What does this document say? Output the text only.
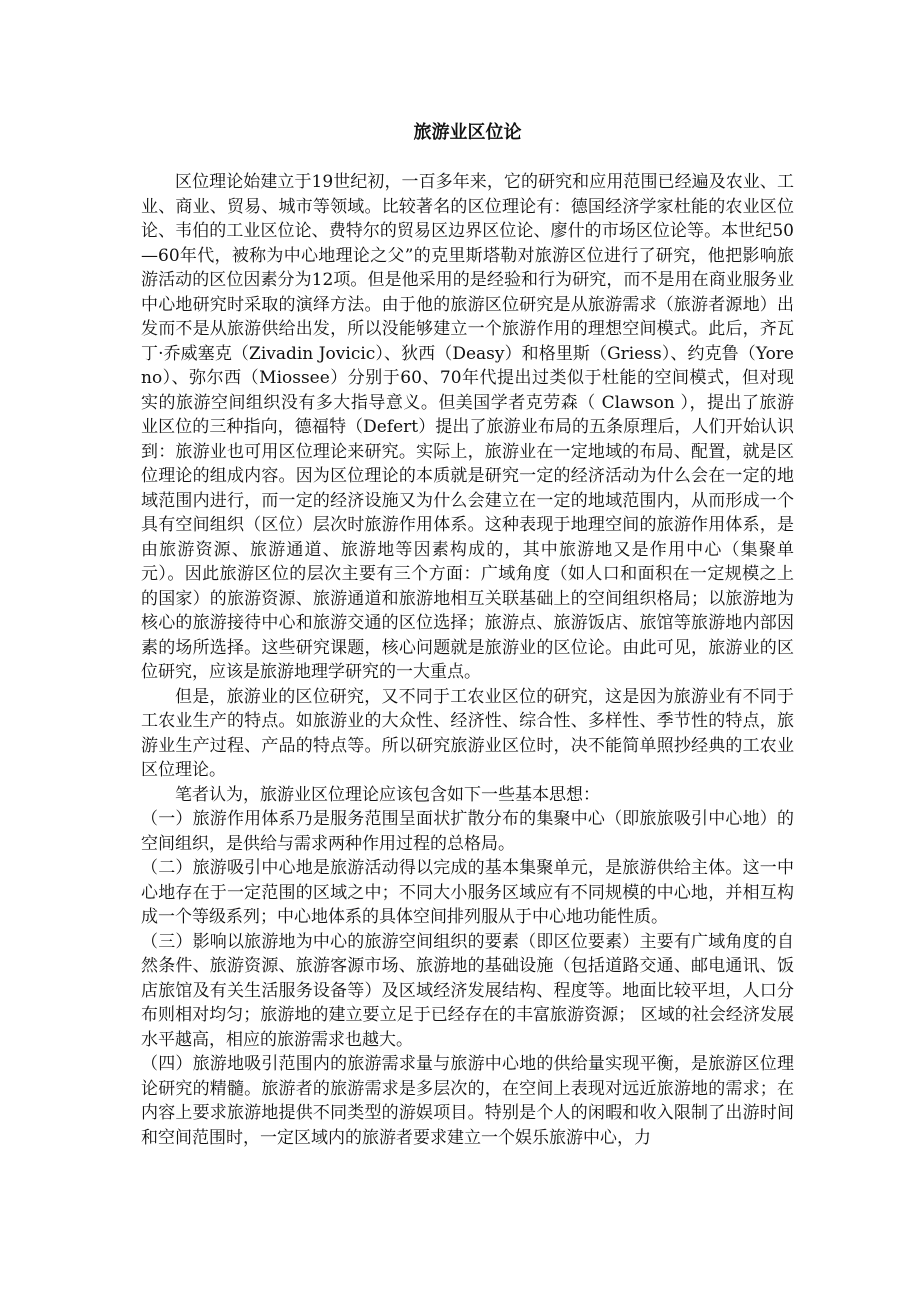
旅游业区位论

区位理论始建立于19世纪初，一百多年来，它的研究和应用范围已经遍及农业、工业、商业、贸易、城市等领域。比较著名的区位理论有：德国经济学家杜能的农业区位论、韦伯的工业区位论、费特尔的贸易区边界区位论、廖什的市场区位论等。本世纪50—60年代，被称为中心地理论之父”的克里斯塔勒对旅游区位进行了研究，他把影响旅游活动的区位因素分为12项。但是他采用的是经验和行为研究，而不是用在商业服务业中心地研究时采取的演绎方法。由于他的旅游区位研究是从旅游需求（旅游者源地）出发而不是从旅游供给出发，所以没能够建立一个旅游作用的理想空间模式。此后，齐瓦丁·乔威塞克（Zivadin Jovicic）、狄西（Deasy）和格里斯（Griess）、约克鲁（Yoreno）、弥尔西（Miossee）分别于60、70年代提出过类似于杜能的空间模式，但对现实的旅游空间组织没有多大指导意义。但美国学者克劳森（ Clawson ），提出了旅游业区位的三种指向，德福特（Defert）提出了旅游业布局的五条原理后，人们开始认识到：旅游业也可用区位理论来研究。实际上，旅游业在一定地域的布局、配置，就是区位理论的组成内容。因为区位理论的本质就是研究一定的经济活动为什么会在一定的地域范围内进行，而一定的经济设施又为什么会建立在一定的地域范围内，从而形成一个具有空间组织（区位）层次时旅游作用体系。这种表现于地理空间的旅游作用体系，是由旅游资源、旅游通道、旅游地等因素构成的，其中旅游地又是作用中心（集聚单元）。因此旅游区位的层次主要有三个方面：广域角度（如人口和面积在一定规模之上的国家）的旅游资源、旅游通道和旅游地相互关联基础上的空间组织格局；以旅游地为核心的旅游接待中心和旅游交通的区位选择；旅游点、旅游饭店、旅馆等旅游地内部因素的场所选择。这些研究课题，核心问题就是旅游业的区位论。由此可见，旅游业的区位研究，应该是旅游地理学研究的一大重点。

但是，旅游业的区位研究，又不同于工农业区位的研究，这是因为旅游业有不同于工农业生产的特点。如旅游业的大众性、经济性、综合性、多样性、季节性的特点，旅游业生产过程、产品的特点等。所以研究旅游业区位时，决不能简单照抄经典的工农业区位理论。

笔者认为，旅游业区位理论应该包含如下一些基本思想：

（一）旅游作用体系乃是服务范围呈面状扩散分布的集聚中心（即旅旅吸引中心地）的空间组织，是供给与需求两种作用过程的总格局。

（二）旅游吸引中心地是旅游活动得以完成的基本集聚单元，是旅游供给主体。这一中心地存在于一定范围的区域之中；不同大小服务区域应有不同规模的中心地，并相互构成一个等级系列；中心地体系的具体空间排列服从于中心地功能性质。

（三）影响以旅游地为中心的旅游空间组织的要素（即区位要素）主要有广域角度的自然条件、旅游资源、旅游客源市场、旅游地的基础设施（包括道路交通、邮电通讯、饭店旅馆及有关生活服务设备等）及区域经济发展结构、程度等。地面比较平坦，人口分布则相对均匀；旅游地的建立要立足于已经存在的丰富旅游资源； 区域的社会经济发展水平越高，相应的旅游需求也越大。

（四）旅游地吸引范围内的旅游需求量与旅游中心地的供给量实现平衡，是旅游区位理论研究的精髓。旅游者的旅游需求是多层次的，在空间上表现对远近旅游地的需求；在内容上要求旅游地提供不同类型的游娱项目。特别是个人的闲暇和收入限制了出游时间和空间范围时，一定区域内的旅游者要求建立一个娱乐旅游中心，力
